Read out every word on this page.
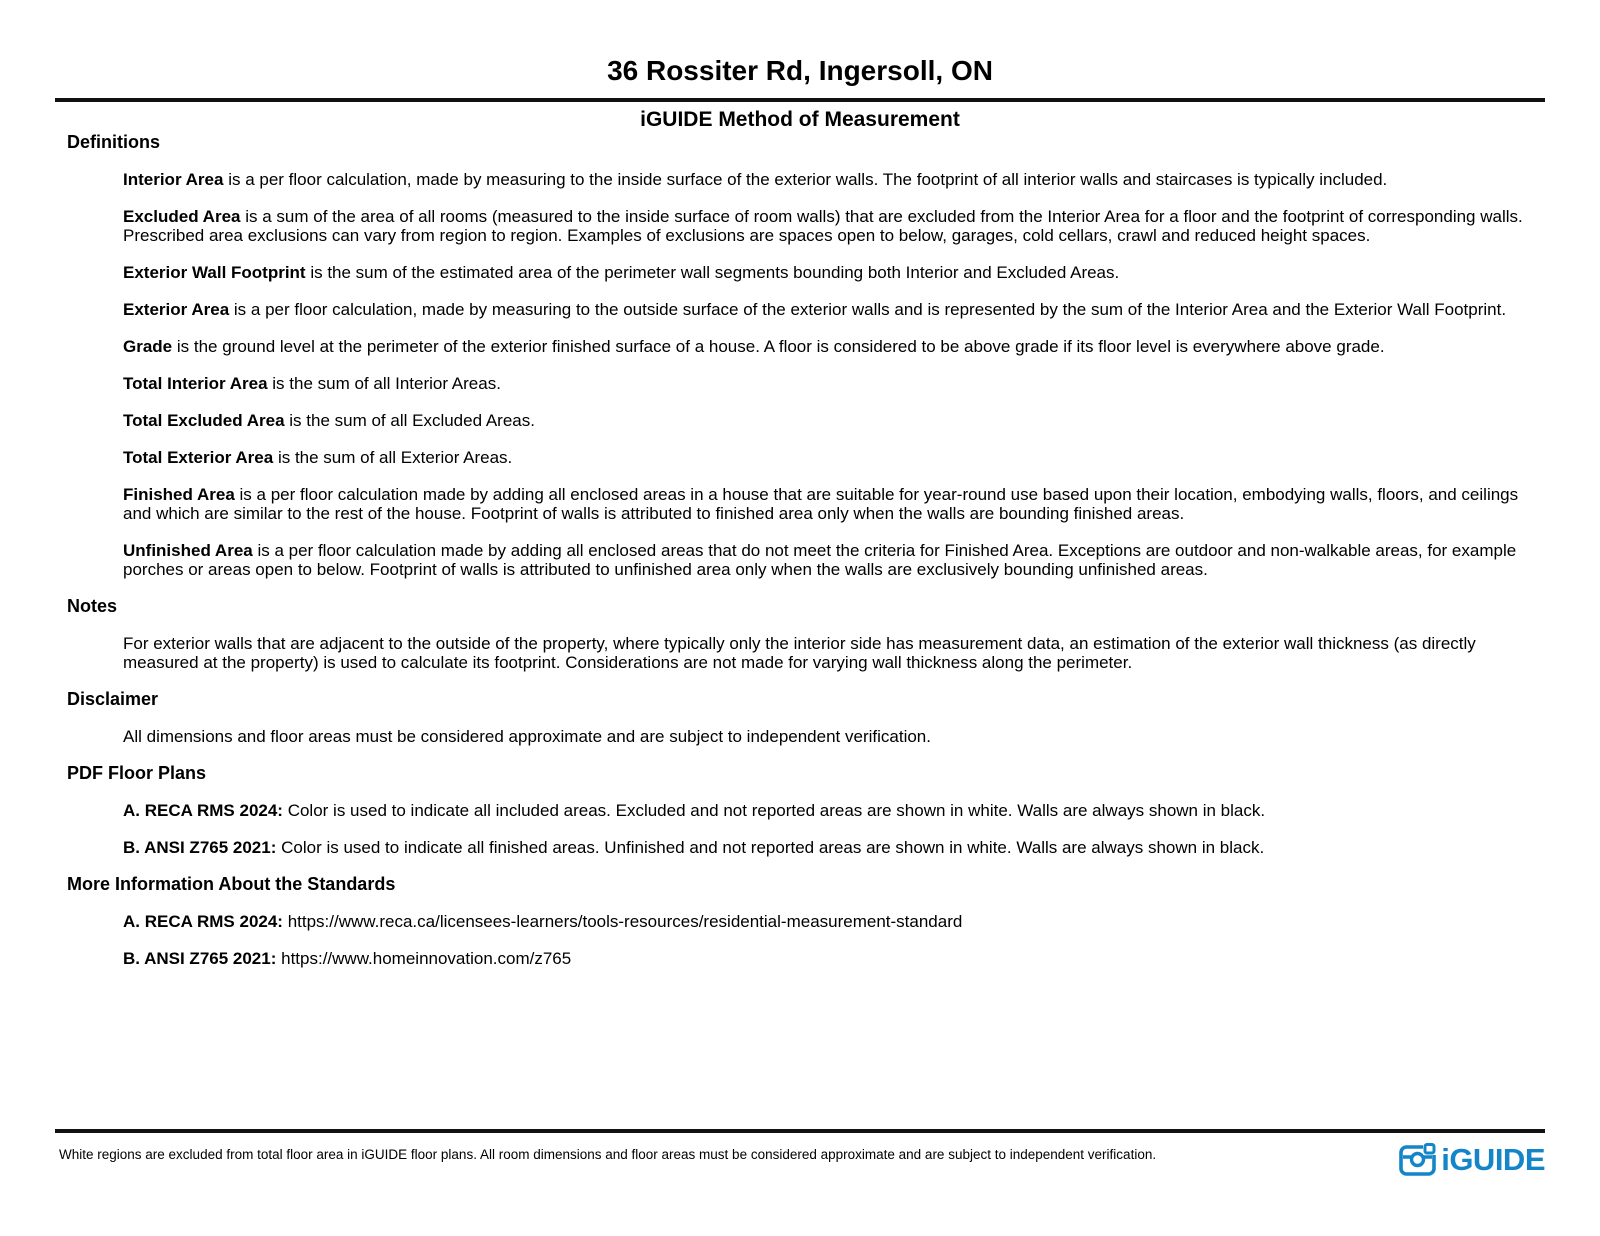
36 Rossiter Rd, Ingersoll, ON
iGUIDE Method of Measurement
Definitions

Interior Area is a per floor calculation, made by measuring to the inside surface of the exterior walls. The footprint of all interior walls and staircases is typically included.

Excluded Area is a sum of the area of all rooms (measured to the inside surface of room walls) that are excluded from the Interior Area for a floor and the footprint of corresponding walls. Prescribed area exclusions can vary from region to region. Examples of exclusions are spaces open to below, garages, cold cellars, crawl and reduced height spaces.

Exterior Wall Footprint is the sum of the estimated area of the perimeter wall segments bounding both Interior and Excluded Areas.

Exterior Area is a per floor calculation, made by measuring to the outside surface of the exterior walls and is represented by the sum of the Interior Area and the Exterior Wall Footprint.

Grade is the ground level at the perimeter of the exterior finished surface of a house. A floor is considered to be above grade if its floor level is everywhere above grade.

Total Interior Area is the sum of all Interior Areas.

Total Excluded Area is the sum of all Excluded Areas.

Total Exterior Area is the sum of all Exterior Areas.

Finished Area is a per floor calculation made by adding all enclosed areas in a house that are suitable for year-round use based upon their location, embodying walls, floors, and ceilings and which are similar to the rest of the house. Footprint of walls is attributed to finished area only when the walls are bounding finished areas.

Unfinished Area is a per floor calculation made by adding all enclosed areas that do not meet the criteria for Finished Area. Exceptions are outdoor and non-walkable areas, for example porches or areas open to below. Footprint of walls is attributed to unfinished area only when the walls are exclusively bounding unfinished areas.

Notes

For exterior walls that are adjacent to the outside of the property, where typically only the interior side has measurement data, an estimation of the exterior wall thickness (as directly measured at the property) is used to calculate its footprint. Considerations are not made for varying wall thickness along the perimeter.

Disclaimer

All dimensions and floor areas must be considered approximate and are subject to independent verification.

PDF Floor Plans

A. RECA RMS 2024: Color is used to indicate all included areas. Excluded and not reported areas are shown in white. Walls are always shown in black.

B. ANSI Z765 2021: Color is used to indicate all finished areas. Unfinished and not reported areas are shown in white. Walls are always shown in black.

More Information About the Standards

A. RECA RMS 2024: https://www.reca.ca/licensees-learners/tools-resources/residential-measurement-standard

B. ANSI Z765 2021: https://www.homeinnovation.com/z765

White regions are excluded from total floor area in iGUIDE floor plans. All room dimensions and floor areas must be considered approximate and are subject to independent verification.	iGUIDE
